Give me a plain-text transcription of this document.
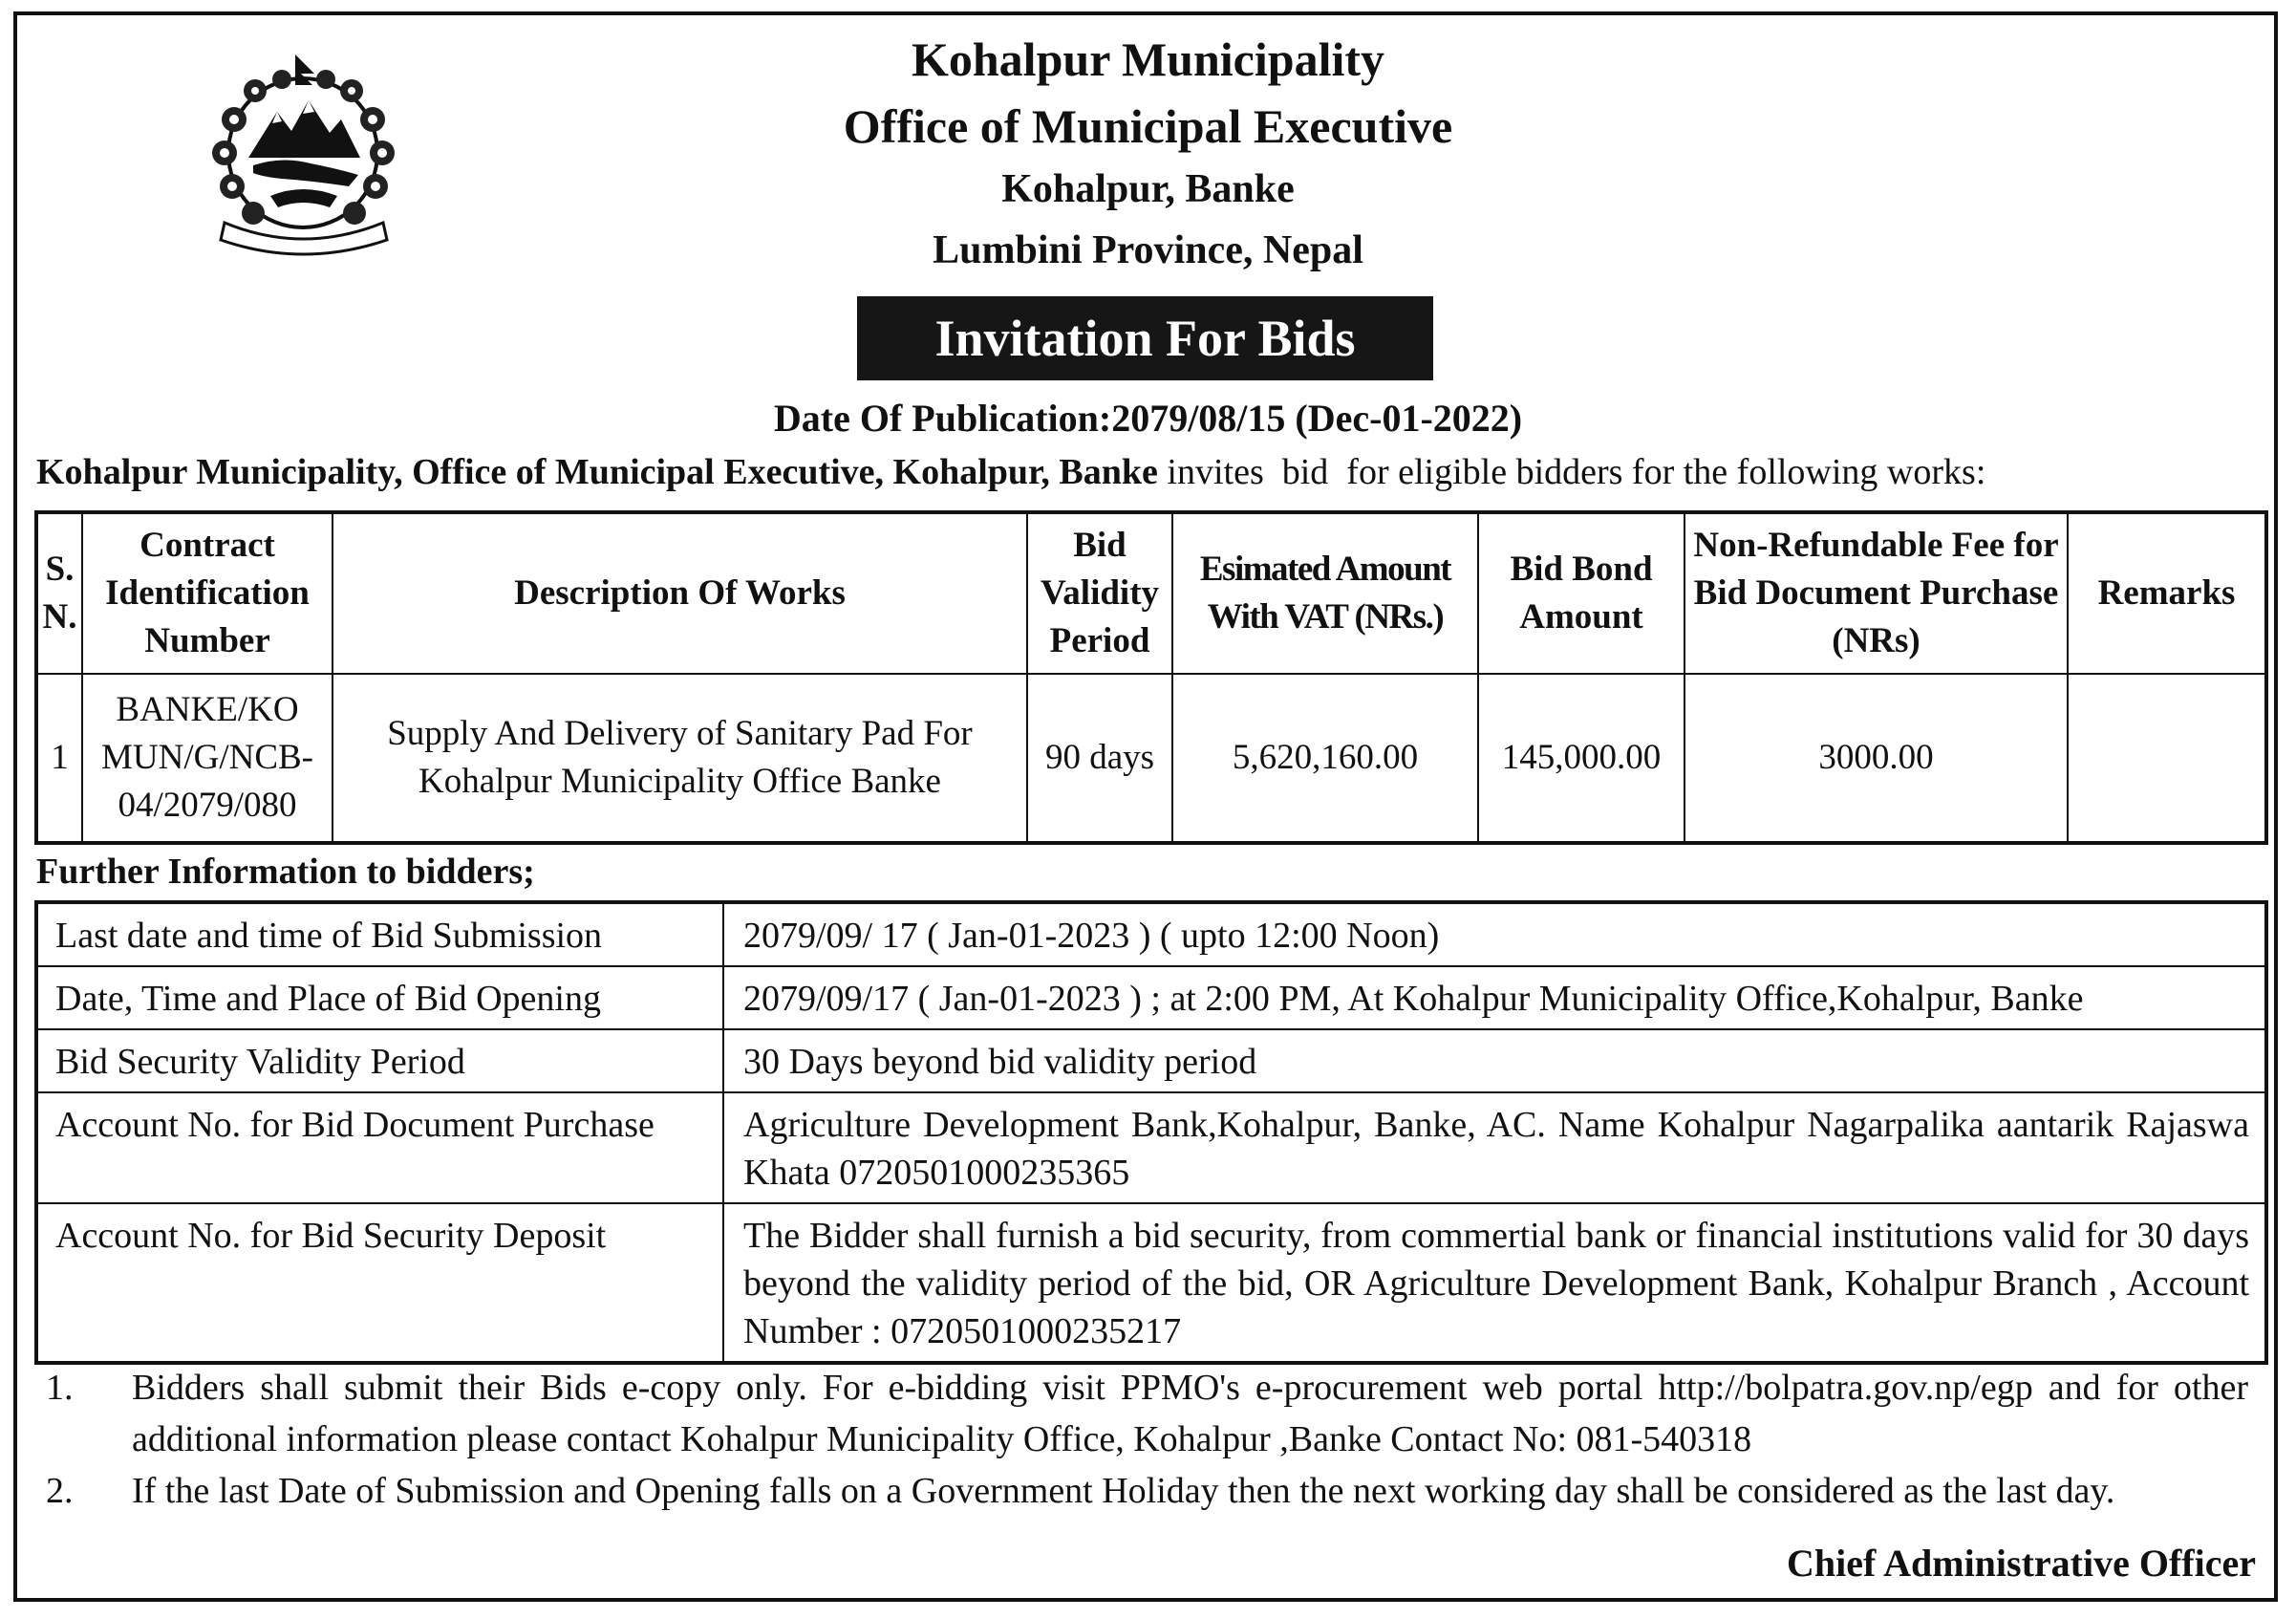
Kohalpur Municipality
Office of Municipal Executive
Kohalpur, Banke
Lumbini Province, Nepal
Invitation For Bids
Date Of Publication:2079/08/15 (Dec-01-2022)
Kohalpur Municipality, Office of Municipal Executive, Kohalpur, Banke invites  bid  for eligible bidders for the following works:
S. N.	Contract Identification Number	Description Of Works	Bid Validity Period	Esimated Amount With VAT (NRs.)	Bid Bond Amount	Non-Refundable Fee for Bid Document Purchase (NRs)	Remarks
1	BANKE/KO MUN/G/NCB- 04/2079/080	Supply And Delivery of Sanitary Pad For Kohalpur Municipality Office Banke	90 days	5,620,160.00	145,000.00	3000.00	
Further Information to bidders;
Last date and time of Bid Submission	2079/09/ 17 ( Jan-01-2023 ) ( upto 12:00 Noon)
Date, Time and Place of Bid Opening	2079/09/17 ( Jan-01-2023 ) ; at 2:00 PM, At Kohalpur Municipality Office,Kohalpur, Banke
Bid Security Validity Period	30 Days beyond bid validity period
Account No. for Bid Document Purchase	Agriculture Development Bank,Kohalpur, Banke, AC. Name Kohalpur Nagarpalika aantarik Rajaswa Khata 0720501000235365
Account No. for Bid Security Deposit	The Bidder shall furnish a bid security, from commertial bank or financial institutions valid for 30 days beyond the validity period of the bid, OR Agriculture Development Bank, Kohalpur Branch , Account Number : 0720501000235217
1.	Bidders shall submit their Bids e-copy only. For e-bidding visit PPMO's e-procurement web portal http://bolpatra.gov.np/egp and for other additional information please contact Kohalpur Municipality Office, Kohalpur ,Banke Contact No: 081-540318
2.	If the last Date of Submission and Opening falls on a Government Holiday then the next working day shall be considered as the last day.
Chief Administrative Officer
